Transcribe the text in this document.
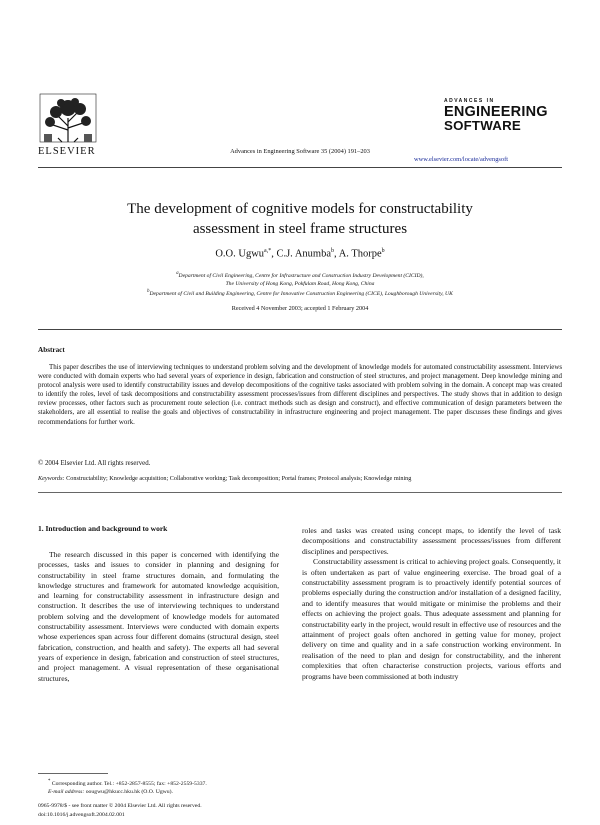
ELSEVIER	Advances in Engineering Software 35 (2004) 191–203
ADVANCES IN
ENGINEERING
SOFTWARE
www.elsevier.com/locate/advengsoft
The development of cognitive models for constructability
assessment in steel frame structures
O.O. Ugwu$^{a,*}$, C.J. Anumba$^b$, A. Thorpe$^b$
$^a$Department of Civil Engineering, Centre for Infrastructure and Construction Industry Development (CICID),
The University of Hong Kong, Pokfulam Road, Hong Kong, China
$^b$Department of Civil and Building Engineering, Centre for Innovative Construction Engineering (CICE), Loughborough University, UK
Received 4 November 2003; accepted 1 February 2004
Abstract
This paper describes the use of interviewing techniques to understand problem solving and the development of knowledge models for automated constructability assessment. Interviews were conducted with domain experts who had several years of experience in design, fabrication and construction of steel structures, and project management. Deep knowledge mining and protocol analysis were used to identify constructability issues and develop decompositions of the cognitive tasks associated with problem solving in the domain. A concept map was created to identify the roles, level of task decompositions and constructability assessment processes/issues from different disciplines and perspectives. The study shows that in addition to design review processes, other factors such as procurement route selection (i.e. contract methods such as design and construct), and effective communication of design parameters between the stakeholders, are all essential to realise the goals and objectives of constructability in infrastructure engineering and project management. The paper discusses these findings and gives recommendations for further work.
© 2004 Elsevier Ltd. All rights reserved.
Keywords: Constructability; Knowledge acquisition; Collaborative working; Task decomposition; Portal frames; Protocol analysis; Knowledge mining
1. Introduction and background to work
The research discussed in this paper is concerned with identifying the processes, tasks and issues to consider in planning and designing for constructability in steel frame structures domain, and formulating the knowledge structures and framework for automated knowledge acquisition, and learning for constructability assessment in infrastructure design and construction. It describes the use of interviewing techniques to understand problem solving and the development of knowledge models for automated constructability assessment. Interviews were conducted with domain experts whose experiences span across four different domains (structural design, steel fabrication, construction, and health and safety). The experts all had several years of experience in design, fabrication and construction of steel structures, and project management. A visual representation of these organisational structures,

roles and tasks was created using concept maps, to identify the level of task decompositions and constructability assessment processes/issues from different disciplines and perspectives.

Constructability assessment is critical to achieving project goals. Consequently, it is often undertaken as part of value engineering exercise. The broad goal of a constructability assessment program is to proactively identify potential sources of problems especially during the construction and/or installation of a designed facility, and to identify measures that would mitigate or minimise the problems and their effects on achieving the project goals. Thus adequate assessment and planning for constructability early in the project, would result in effective use of resources and the attainment of project goals often anchored in getting value for money, project delivery on time and quality and in a safe construction working environment. In realisation of the need to plan and design for constructability, and the inherent complexities that often characterise construction projects, various efforts and programs have been commissioned at both industry

* Corresponding author. Tel.: +852-2857-8555; fax: +852-2559-5337.
E-mail address: oougwu@hkucc.hku.hk (O.O. Ugwu).
0965-9978/$ - see front matter © 2004 Elsevier Ltd. All rights reserved.
doi:10.1016/j.advengsoft.2004.02.001
